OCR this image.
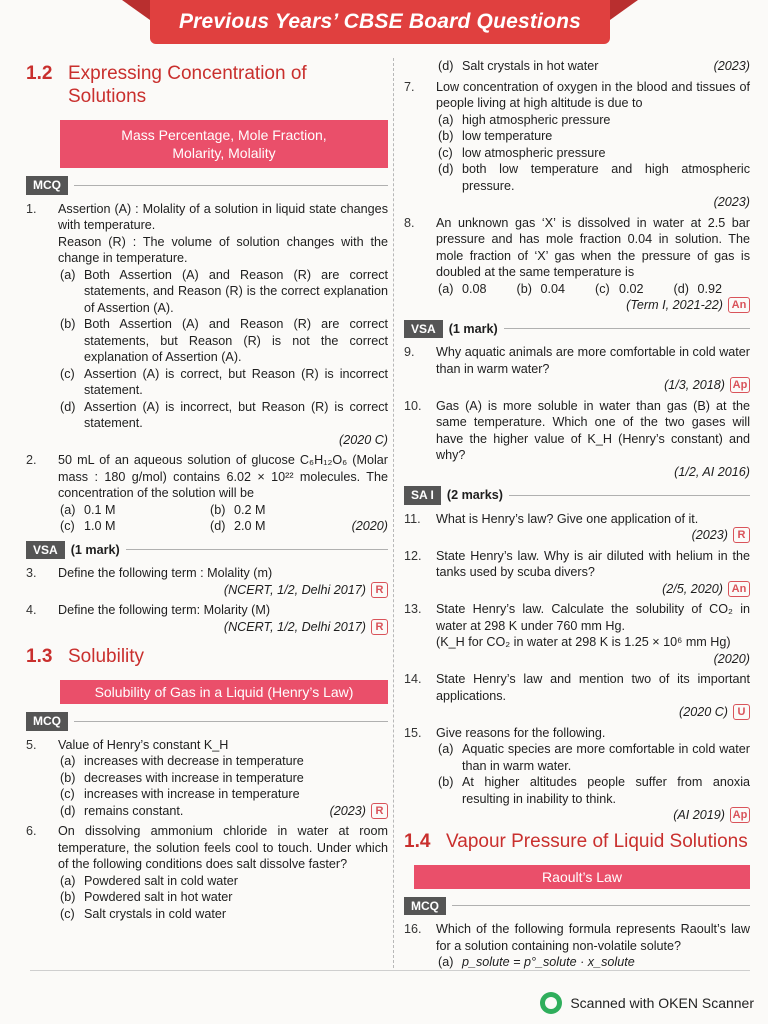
Previous Years’ CBSE Board Questions
1.2 Expressing Concentration of Solutions
Mass Percentage, Mole Fraction, Molarity, Molality
MCQ
1.	Assertion (A) : Molality of a solution in liquid state changes with temperature.
Reason (R) : The volume of solution changes with the change in temperature.
(a) Both Assertion (A) and Reason (R) are correct statements, and Reason (R) is the correct explanation of Assertion (A).
(b) Both Assertion (A) and Reason (R) are correct statements, but Reason (R) is not the correct explanation of Assertion (A).
(c) Assertion (A) is correct, but Reason (R) is incorrect statement.
(d) Assertion (A) is incorrect, but Reason (R) is correct statement.
(2020 C)
2.	50 mL of an aqueous solution of glucose C₆H₁₂O₆ (Molar mass : 180 g/mol) contains 6.02 × 10²² molecules. The concentration of the solution will be
(a) 0.1 M	(b) 0.2 M
(c) 1.0 M	(d) 2.0 M	(2020)
VSA	(1 mark)
3.	Define the following term : Molality (m)
(NCERT, 1/2, Delhi 2017) R
4.	Define the following term: Molarity (M)
(NCERT, 1/2, Delhi 2017) R
1.3 Solubility
Solubility of Gas in a Liquid (Henry’s Law)
MCQ
5.	Value of Henry’s constant K_H
(a) increases with decrease in temperature
(b) decreases with increase in temperature
(c) increases with increase in temperature
(d) remains constant.	(2023) R
6.	On dissolving ammonium chloride in water at room temperature, the solution feels cool to touch. Under which of the following conditions does salt dissolve faster?
(a) Powdered salt in cold water
(b) Powdered salt in hot water
(c) Salt crystals in cold water
(d) Salt crystals in hot water	(2023)
7.	Low concentration of oxygen in the blood and tissues of people living at high altitude is due to
(a) high atmospheric pressure
(b) low temperature
(c) low atmospheric pressure
(d) both low temperature and high atmospheric pressure.
(2023)
8.	An unknown gas ‘X’ is dissolved in water at 2.5 bar pressure and has mole fraction 0.04 in solution. The mole fraction of ‘X’ gas when the pressure of gas is doubled at the same temperature is
(a) 0.08 (b) 0.04 (c) 0.02 (d) 0.92
(Term I, 2021-22) An
VSA	(1 mark)
9.	Why aquatic animals are more comfortable in cold water than in warm water?
(1/3, 2018) Ap
10.	Gas (A) is more soluble in water than gas (B) at the same temperature. Which one of the two gases will have the higher value of K_H (Henry’s constant) and why?
(1/2, AI 2016)
SA I	(2 marks)
11.	What is Henry’s law? Give one application of it.
(2023) R
12.	State Henry’s law. Why is air diluted with helium in the tanks used by scuba divers?
(2/5, 2020) An
13.	State Henry’s law. Calculate the solubility of CO₂ in water at 298 K under 760 mm Hg.
(K_H for CO₂ in water at 298 K is 1.25 × 10⁶ mm Hg)
(2020)
14.	State Henry’s law and mention two of its important applications.
(2020 C) U
15.	Give reasons for the following.
(a) Aquatic species are more comfortable in cold water than in warm water.
(b) At higher altitudes people suffer from anoxia resulting in inability to think.
(AI 2019) Ap
1.4 Vapour Pressure of Liquid Solutions
Raoult’s Law
MCQ
16.	Which of the following formula represents Raoult’s law for a solution containing non-volatile solute?
(a) p_solute = p°_solute · x_solute
Scanned with OKEN Scanner
